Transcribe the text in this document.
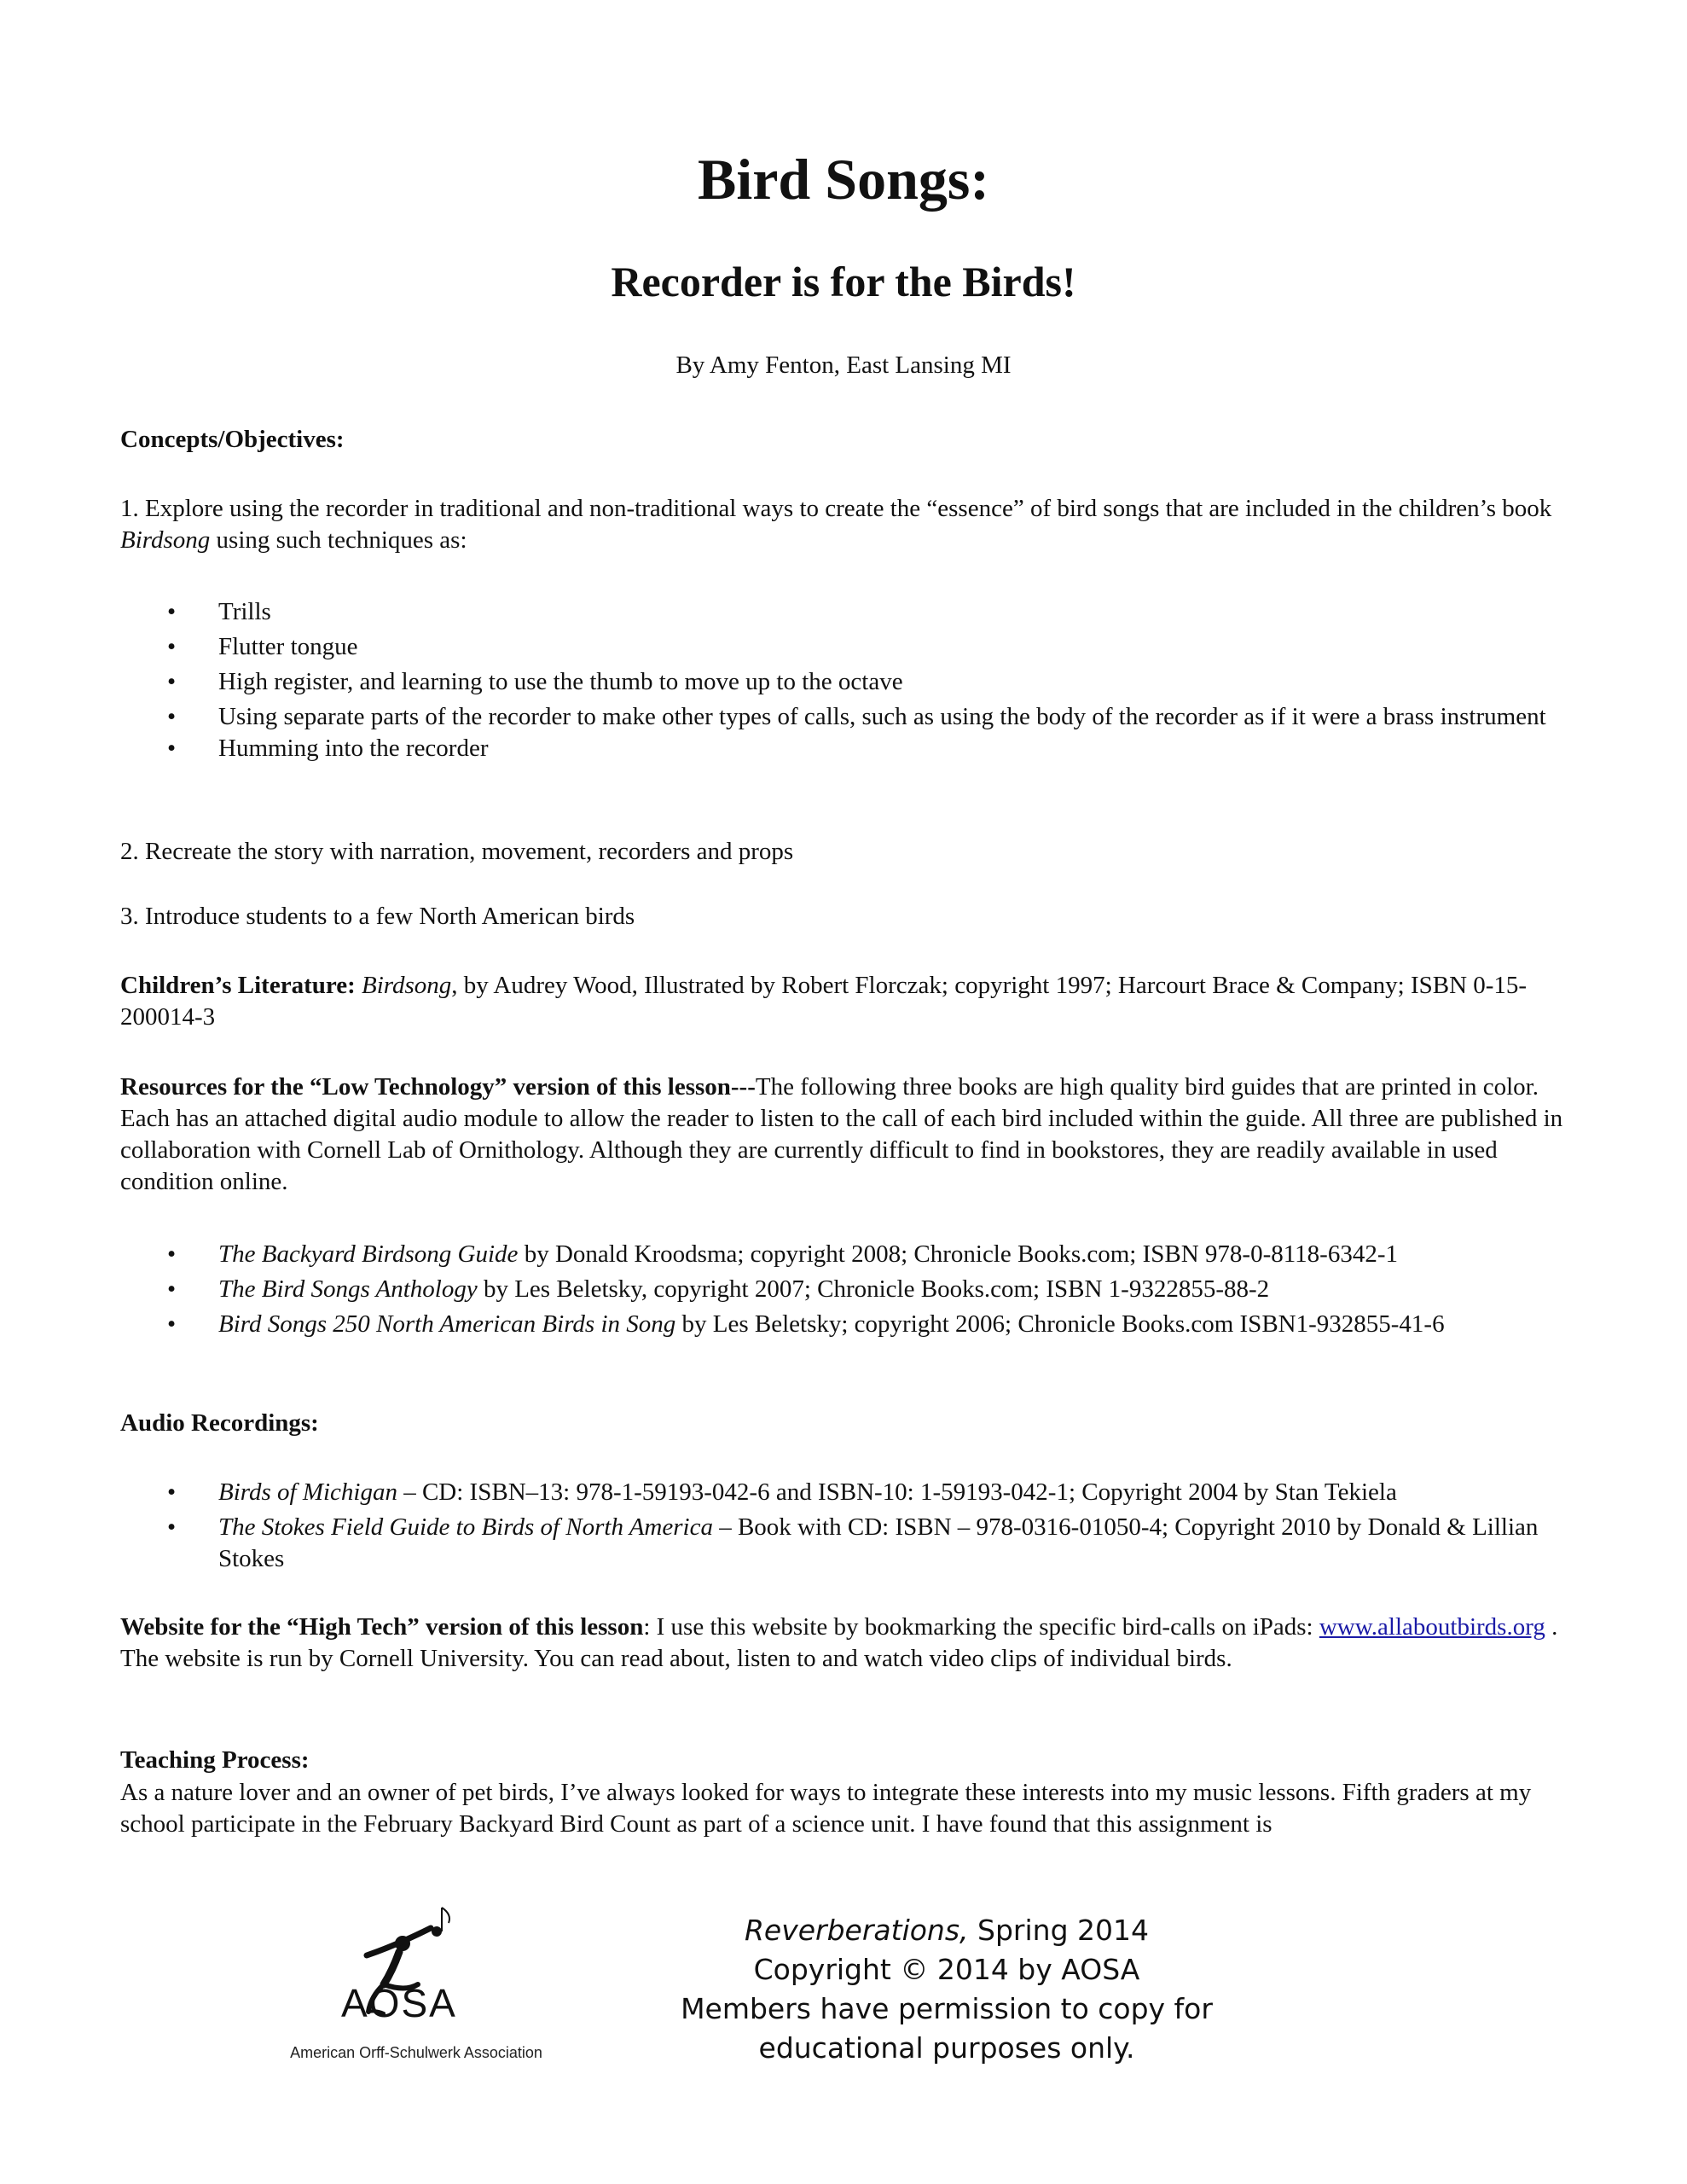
Bird Songs:
Recorder is for the Birds!
By Amy Fenton, East Lansing MI
Concepts/Objectives:
1. Explore using the recorder in traditional and non-traditional ways to create the “essence” of bird songs that are included in the children’s book Birdsong using such techniques as:
• Trills
• Flutter tongue
• High register, and learning to use the thumb to move up to the octave
• Using separate parts of the recorder to make other types of calls, such as using the body of the recorder as if it were a brass instrument
• Humming into the recorder
2. Recreate the story with narration, movement, recorders and props
3. Introduce students to a few North American birds
Children’s Literature: Birdsong, by Audrey Wood, Illustrated by Robert Florczak; copyright 1997; Harcourt Brace & Company; ISBN 0-15-200014-3
Resources for the “Low Technology” version of this lesson---The following three books are high quality bird guides that are printed in color. Each has an attached digital audio module to allow the reader to listen to the call of each bird included within the guide. All three are published in collaboration with Cornell Lab of Ornithology. Although they are currently difficult to find in bookstores, they are readily available in used condition online.
• The Backyard Birdsong Guide by Donald Kroodsma; copyright 2008; Chronicle Books.com; ISBN 978-0-8118-6342-1
• The Bird Songs Anthology by Les Beletsky, copyright 2007; Chronicle Books.com; ISBN 1-9322855-88-2
• Bird Songs 250 North American Birds in Song by Les Beletsky; copyright 2006; Chronicle Books.com ISBN1-932855-41-6
Audio Recordings:
• Birds of Michigan – CD: ISBN–13: 978-1-59193-042-6 and ISBN-10: 1-59193-042-1; Copyright 2004 by Stan Tekiela
• The Stokes Field Guide to Birds of North America – Book with CD: ISBN – 978-0316-01050-4; Copyright 2010 by Donald & Lillian Stokes
Website for the “High Tech” version of this lesson: I use this website by bookmarking the specific bird-calls on iPads: www.allaboutbirds.org . The website is run by Cornell University. You can read about, listen to and watch video clips of individual birds.
Teaching Process:
As a nature lover and an owner of pet birds, I’ve always looked for ways to integrate these interests into my music lessons. Fifth graders at my school participate in the February Backyard Bird Count as part of a science unit. I have found that this assignment is
AOSA
American Orff-Schulwerk Association
Reverberations, Spring 2014
Copyright © 2014 by AOSA
Members have permission to copy for
educational purposes only.
